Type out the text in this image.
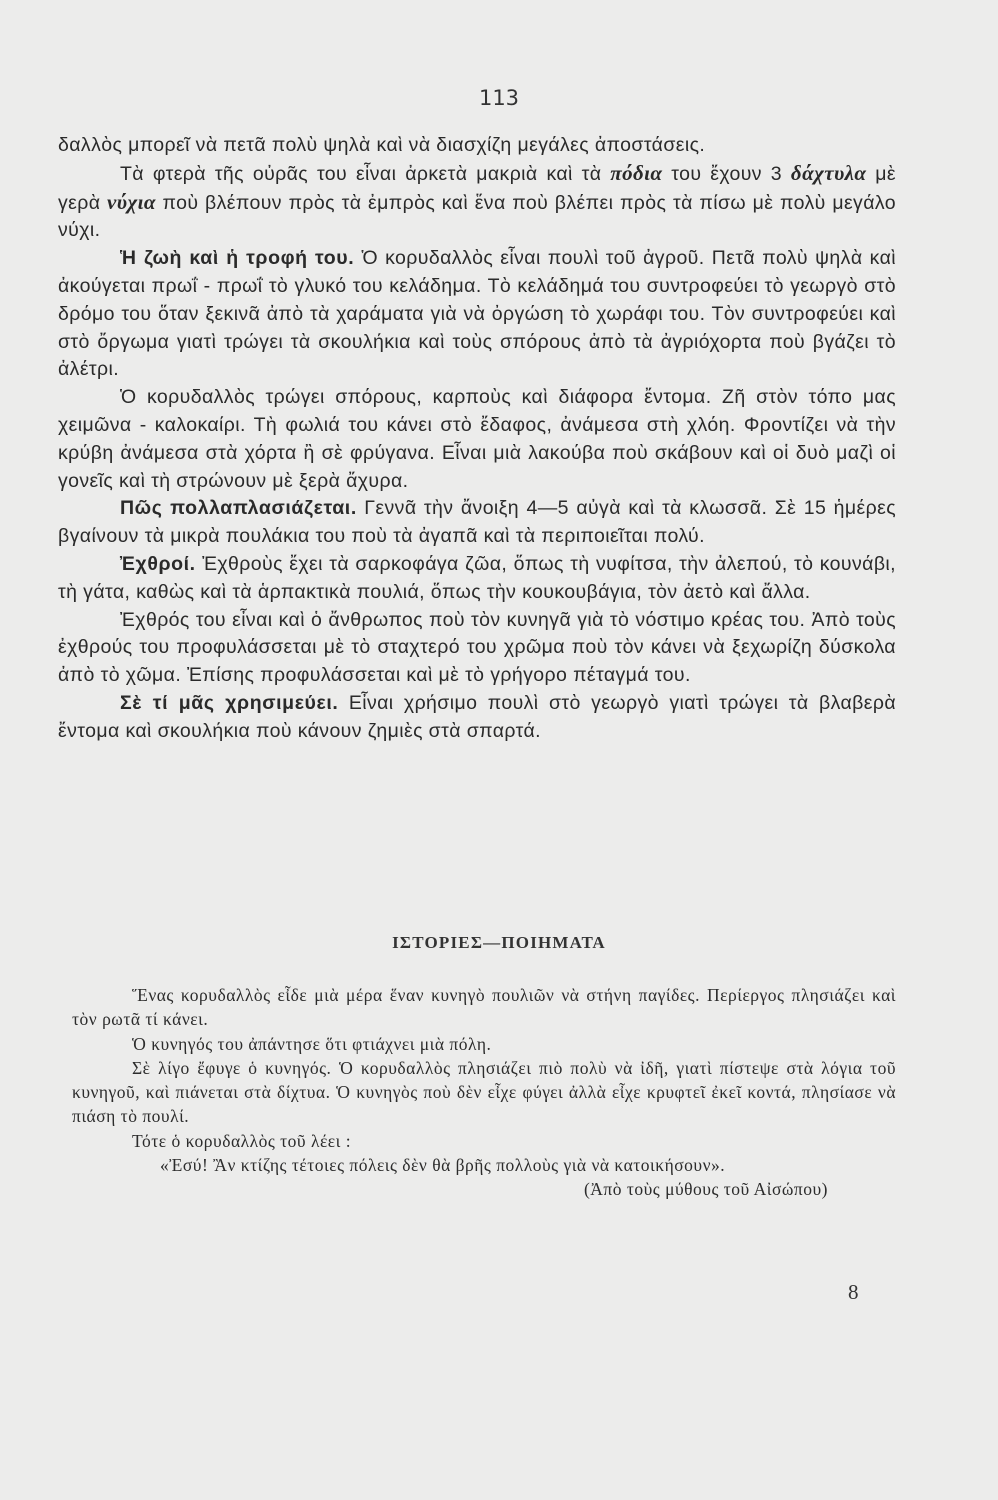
113

δαλλὸς μπορεῖ νὰ πετᾶ πολὺ ψηλὰ καὶ νὰ διασχίζη μεγάλες ἀποστάσεις.

Τὰ φτερὰ τῆς οὐρᾶς του εἶναι ἀρκετὰ μακριὰ καὶ τὰ πόδια του ἔχουν 3 δάχτυλα μὲ γερὰ νύχια ποὺ βλέπουν πρὸς τὰ ἐμπρὸς καὶ ἕνα ποὺ βλέπει πρὸς τὰ πίσω μὲ πολὺ μεγάλο νύχι.

Ἡ ζωὴ καὶ ἡ τροφή του. Ὁ κορυδαλλὸς εἶναι πουλὶ τοῦ ἀγροῦ. Πετᾶ πολὺ ψηλὰ καὶ ἀκούγεται πρωΐ - πρωΐ τὸ γλυκό του κελάδημα. Τὸ κελάδημά του συντροφεύει τὸ γεωργὸ στὸ δρόμο του ὅταν ξεκινᾶ ἀπὸ τὰ χαράματα γιὰ νὰ ὀργώση τὸ χωράφι του. Τὸν συντροφεύει καὶ στὸ ὄργωμα γιατὶ τρώγει τὰ σκουλήκια καὶ τοὺς σπόρους ἀπὸ τὰ ἀγριόχορτα ποὺ βγάζει τὸ ἀλέτρι.

Ὁ κορυδαλλὸς τρώγει σπόρους, καρποὺς καὶ διάφορα ἔντομα. Ζῆ στὸν τόπο μας χειμῶνα - καλοκαίρι. Τὴ φωλιά του κάνει στὸ ἔδαφος, ἀνάμεσα στὴ χλόη. Φροντίζει νὰ τὴν κρύβη ἀνάμεσα στὰ χόρτα ἢ σὲ φρύγανα. Εἶναι μιὰ λακούβα ποὺ σκάβουν καὶ οἱ δυὸ μαζὶ οἱ γονεῖς καὶ τὴ στρώνουν μὲ ξερὰ ἄχυρα.

Πῶς πολλαπλασιάζεται. Γεννᾶ τὴν ἄνοιξη 4—5 αὐγὰ καὶ τὰ κλωσσᾶ. Σὲ 15 ἡμέρες βγαίνουν τὰ μικρὰ πουλάκια του ποὺ τὰ ἀγαπᾶ καὶ τὰ περιποιεῖται πολύ.

Ἐχθροί. Ἐχθροὺς ἔχει τὰ σαρκοφάγα ζῶα, ὅπως τὴ νυφίτσα, τὴν ἀλεπού, τὸ κουνάβι, τὴ γάτα, καθὼς καὶ τὰ ἁρπακτικὰ πουλιά, ὅπως τὴν κουκουβάγια, τὸν ἀετὸ καὶ ἄλλα.

Ἐχθρός του εἶναι καὶ ὁ ἄνθρωπος ποὺ τὸν κυνηγᾶ γιὰ τὸ νόστιμο κρέας του. Ἀπὸ τοὺς ἐχθρούς του προφυλάσσεται μὲ τὸ σταχτερό του χρῶμα ποὺ τὸν κάνει νὰ ξεχωρίζη δύσκολα ἀπὸ τὸ χῶμα. Ἐπίσης προφυλάσσεται καὶ μὲ τὸ γρήγορο πέταγμά του.

Σὲ τί μᾶς χρησιμεύει. Εἶναι χρήσιμο πουλὶ στὸ γεωργὸ γιατὶ τρώγει τὰ βλαβερὰ ἔντομα καὶ σκουλήκια ποὺ κάνουν ζημιὲς στὰ σπαρτά.

ΙΣΤΟΡΙΕΣ—ΠΟΙΗΜΑΤΑ

Ἕνας κορυδαλλὸς εἶδε μιὰ μέρα ἕναν κυνηγὸ πουλιῶν νὰ στήνη παγίδες. Περίεργος πλησιάζει καὶ τὸν ρωτᾶ τί κάνει.

Ὁ κυνηγός του ἀπάντησε ὅτι φτιάχνει μιὰ πόλη.

Σὲ λίγο ἔφυγε ὁ κυνηγός. Ὁ κορυδαλλὸς πλησιάζει πιὸ πολὺ νὰ ἰδῆ, γιατὶ πίστεψε στὰ λόγια τοῦ κυνηγοῦ, καὶ πιάνεται στὰ δίχτυα. Ὁ κυνηγὸς ποὺ δὲν εἶχε φύγει ἀλλὰ εἶχε κρυφτεῖ ἐκεῖ κοντά, πλησίασε νὰ πιάση τὸ πουλί.

Τότε ὁ κορυδαλλὸς τοῦ λέει :

«Ἐσύ! Ἂν κτίζης τέτοιες πόλεις δὲν θὰ βρῆς πολλοὺς γιὰ νὰ κατοικήσουν».

(Ἀπὸ τοὺς μύθους τοῦ Αἰσώπου)

8
